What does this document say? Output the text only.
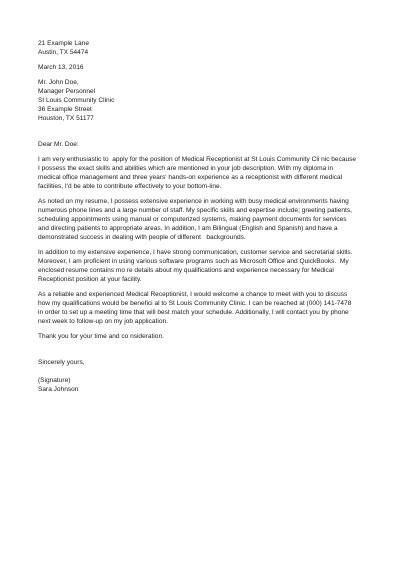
21 Example Lane
Austin, TX 54474
March 13, 2016
Mr. John Doe,
Manager Personnel
St Louis Community Clinic
36 Example Street
Houston, TX 51177
Dear Mr. Doe:
I am very enthusiastic to  apply for the position of Medical Receptionist at St Louis Community Cli nic because
I possess the exact skills and abilities which are mentioned in your job description. With my diploma in
medical office management and three years' hands-on experience as a receptionist with different medical
facilities, I'd be able to contribute effectively to your bottom-line.
As noted on my resume, I possess extensive experience in working with busy medical environments having
numerous phone lines and a large number of staff. My specific skills and expertise include; greeting patients,
scheduling appointments using manual or computerized systems, making payment documents for services
and directing patients to appropriate areas. In addition, I am Bilingual (English and Spanish) and have a
demonstrated success in dealing with people of different   backgrounds.
In addition to my extensive experience, I have strong communication, customer service and secretarial skills.
Moreover, I am proficient in using various software programs such as Microsoft Office and QuickBooks.  My
enclosed resume contains mo re details about my qualifications and experience necessary for Medical
Receptionist position at your facility.
As a reliable and experienced Medical Receptionist, I would welcome a chance to meet with you to discuss
how my qualifications would be benefici al to St Louis Community Clinic. I can be reached at (000) 141-7478
in order to set up a meeting time that will best match your schedule. Additionally, I will contact you by phone
next week to follow-up on my job application.
Thank you for your time and co nsideration.
Sincerely yours,
(Signature)
Sara Johnson
